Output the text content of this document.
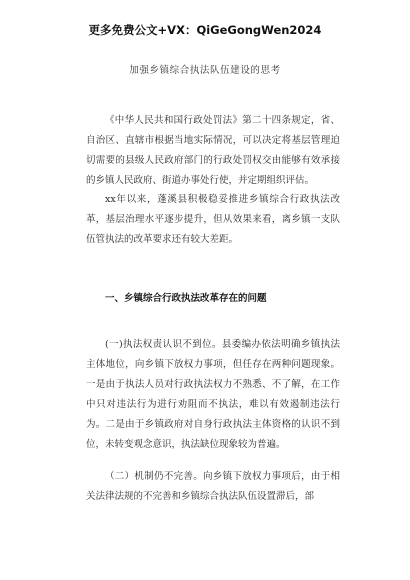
更多免费公文+VX：QiGeGongWen2024
加强乡镇综合执法队伍建设的思考

《中华人民共和国行政处罚法》第二十四条规定，省、自治区、直辖市根据当地实际情况，可以决定将基层管理迫切需要的县级人民政府部门的行政处罚权交由能够有效承接的乡镇人民政府、街道办事处行使，并定期组织评估。

xx年以来，蓬溪县积极稳妥推进乡镇综合行政执法改革，基层治理水平逐步提升，但从效果来看，离乡镇一支队伍管执法的改革要求还有较大差距。

一、乡镇综合行政执法改革存在的问题

(一)执法权责认识不到位。县委编办依法明确乡镇执法主体地位，向乡镇下放权力事项，但任存在两种问题现象。一是由于执法人员对行政执法权力不熟悉、不了解，在工作中只对违法行为进行劝阻而不执法，难以有效遏制违法行为。二是由于乡镇政府对自身行政执法主体资格的认识不到位，未转变观念意识，执法缺位现象较为普遍。

（二）机制仍不完善。向乡镇下放权力事项后，由于相关法律法规的不完善和乡镇综合执法队伍设置滞后，部
